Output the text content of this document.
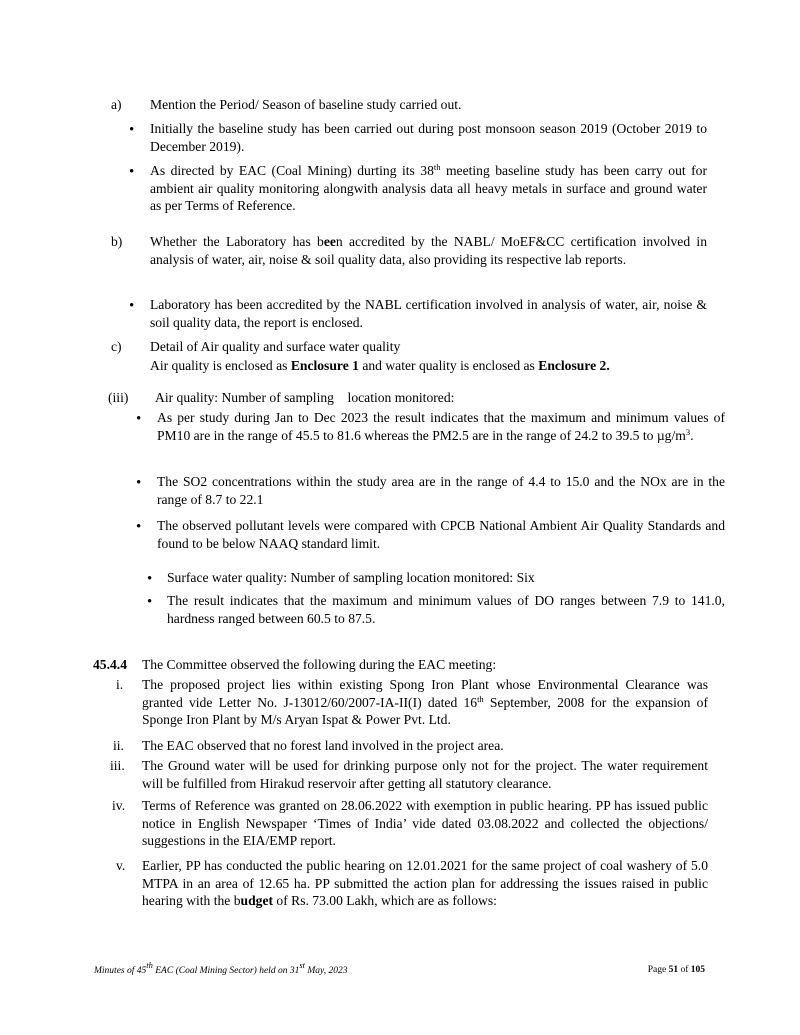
a) Mention the Period/ Season of baseline study carried out.
•
Initially the baseline study has been carried out during post monsoon season 2019 (October 2019 to December 2019).
•
As directed by EAC (Coal Mining) durting its 38th meeting baseline study has been carry out for ambient air quality monitoring alongwith analysis data all heavy metals in surface and ground water as per Terms of Reference.
b) Whether the Laboratory has been accredited by the NABL/ MoEF&CC certification involved in analysis of water, air, noise & soil quality data, also providing its respective lab reports.
•
Laboratory has been accredited by the NABL certification involved in analysis of water, air, noise & soil quality data, the report is enclosed.
c) Detail of Air quality and surface water quality
Air quality is enclosed as Enclosure 1 and water quality is enclosed as Enclosure 2.
(iii) Air quality: Number of sampling    location monitored:
•
As per study during Jan to Dec 2023 the result indicates that the maximum and minimum values of PM10 are in the range of 45.5 to 81.6 whereas the PM2.5 are in the range of 24.2 to 39.5 to $\mu g/m^3$.
•
The SO2 concentrations within the study area are in the range of 4.4 to 15.0 and the NOx are in the range of 8.7 to 22.1
•
The observed pollutant levels were compared with CPCB National Ambient Air Quality Standards and found to be below NAAQ standard limit.
•
Surface water quality: Number of sampling location monitored: Six
•
The result indicates that the maximum and minimum values of DO ranges between 7.9 to 141.0, hardness ranged between 60.5 to 87.5.
45.4.4 The Committee observed the following during the EAC meeting:
i. The proposed project lies within existing Spong Iron Plant whose Environmental Clearance was granted vide Letter No. J-13012/60/2007-IA-II(I) dated 16th September, 2008 for the expansion of Sponge Iron Plant by M/s Aryan Ispat & Power Pvt. Ltd.
ii. The EAC observed that no forest land involved in the project area.
iii. The Ground water will be used for drinking purpose only not for the project. The water requirement will be fulfilled from Hirakud reservoir after getting all statutory clearance.
iv. Terms of Reference was granted on 28.06.2022 with exemption in public hearing. PP has issued public notice in English Newspaper ‘Times of India’ vide dated 03.08.2022 and collected the objections/ suggestions in the EIA/EMP report.
v. Earlier, PP has conducted the public hearing on 12.01.2021 for the same project of coal washery of 5.0 MTPA in an area of 12.65 ha. PP submitted the action plan for addressing the issues raised in public hearing with the budget of Rs. 73.00 Lakh, which are as follows:
Minutes of 45th EAC (Coal Mining Sector) held on 31st May, 2023	Page 51 of 105
